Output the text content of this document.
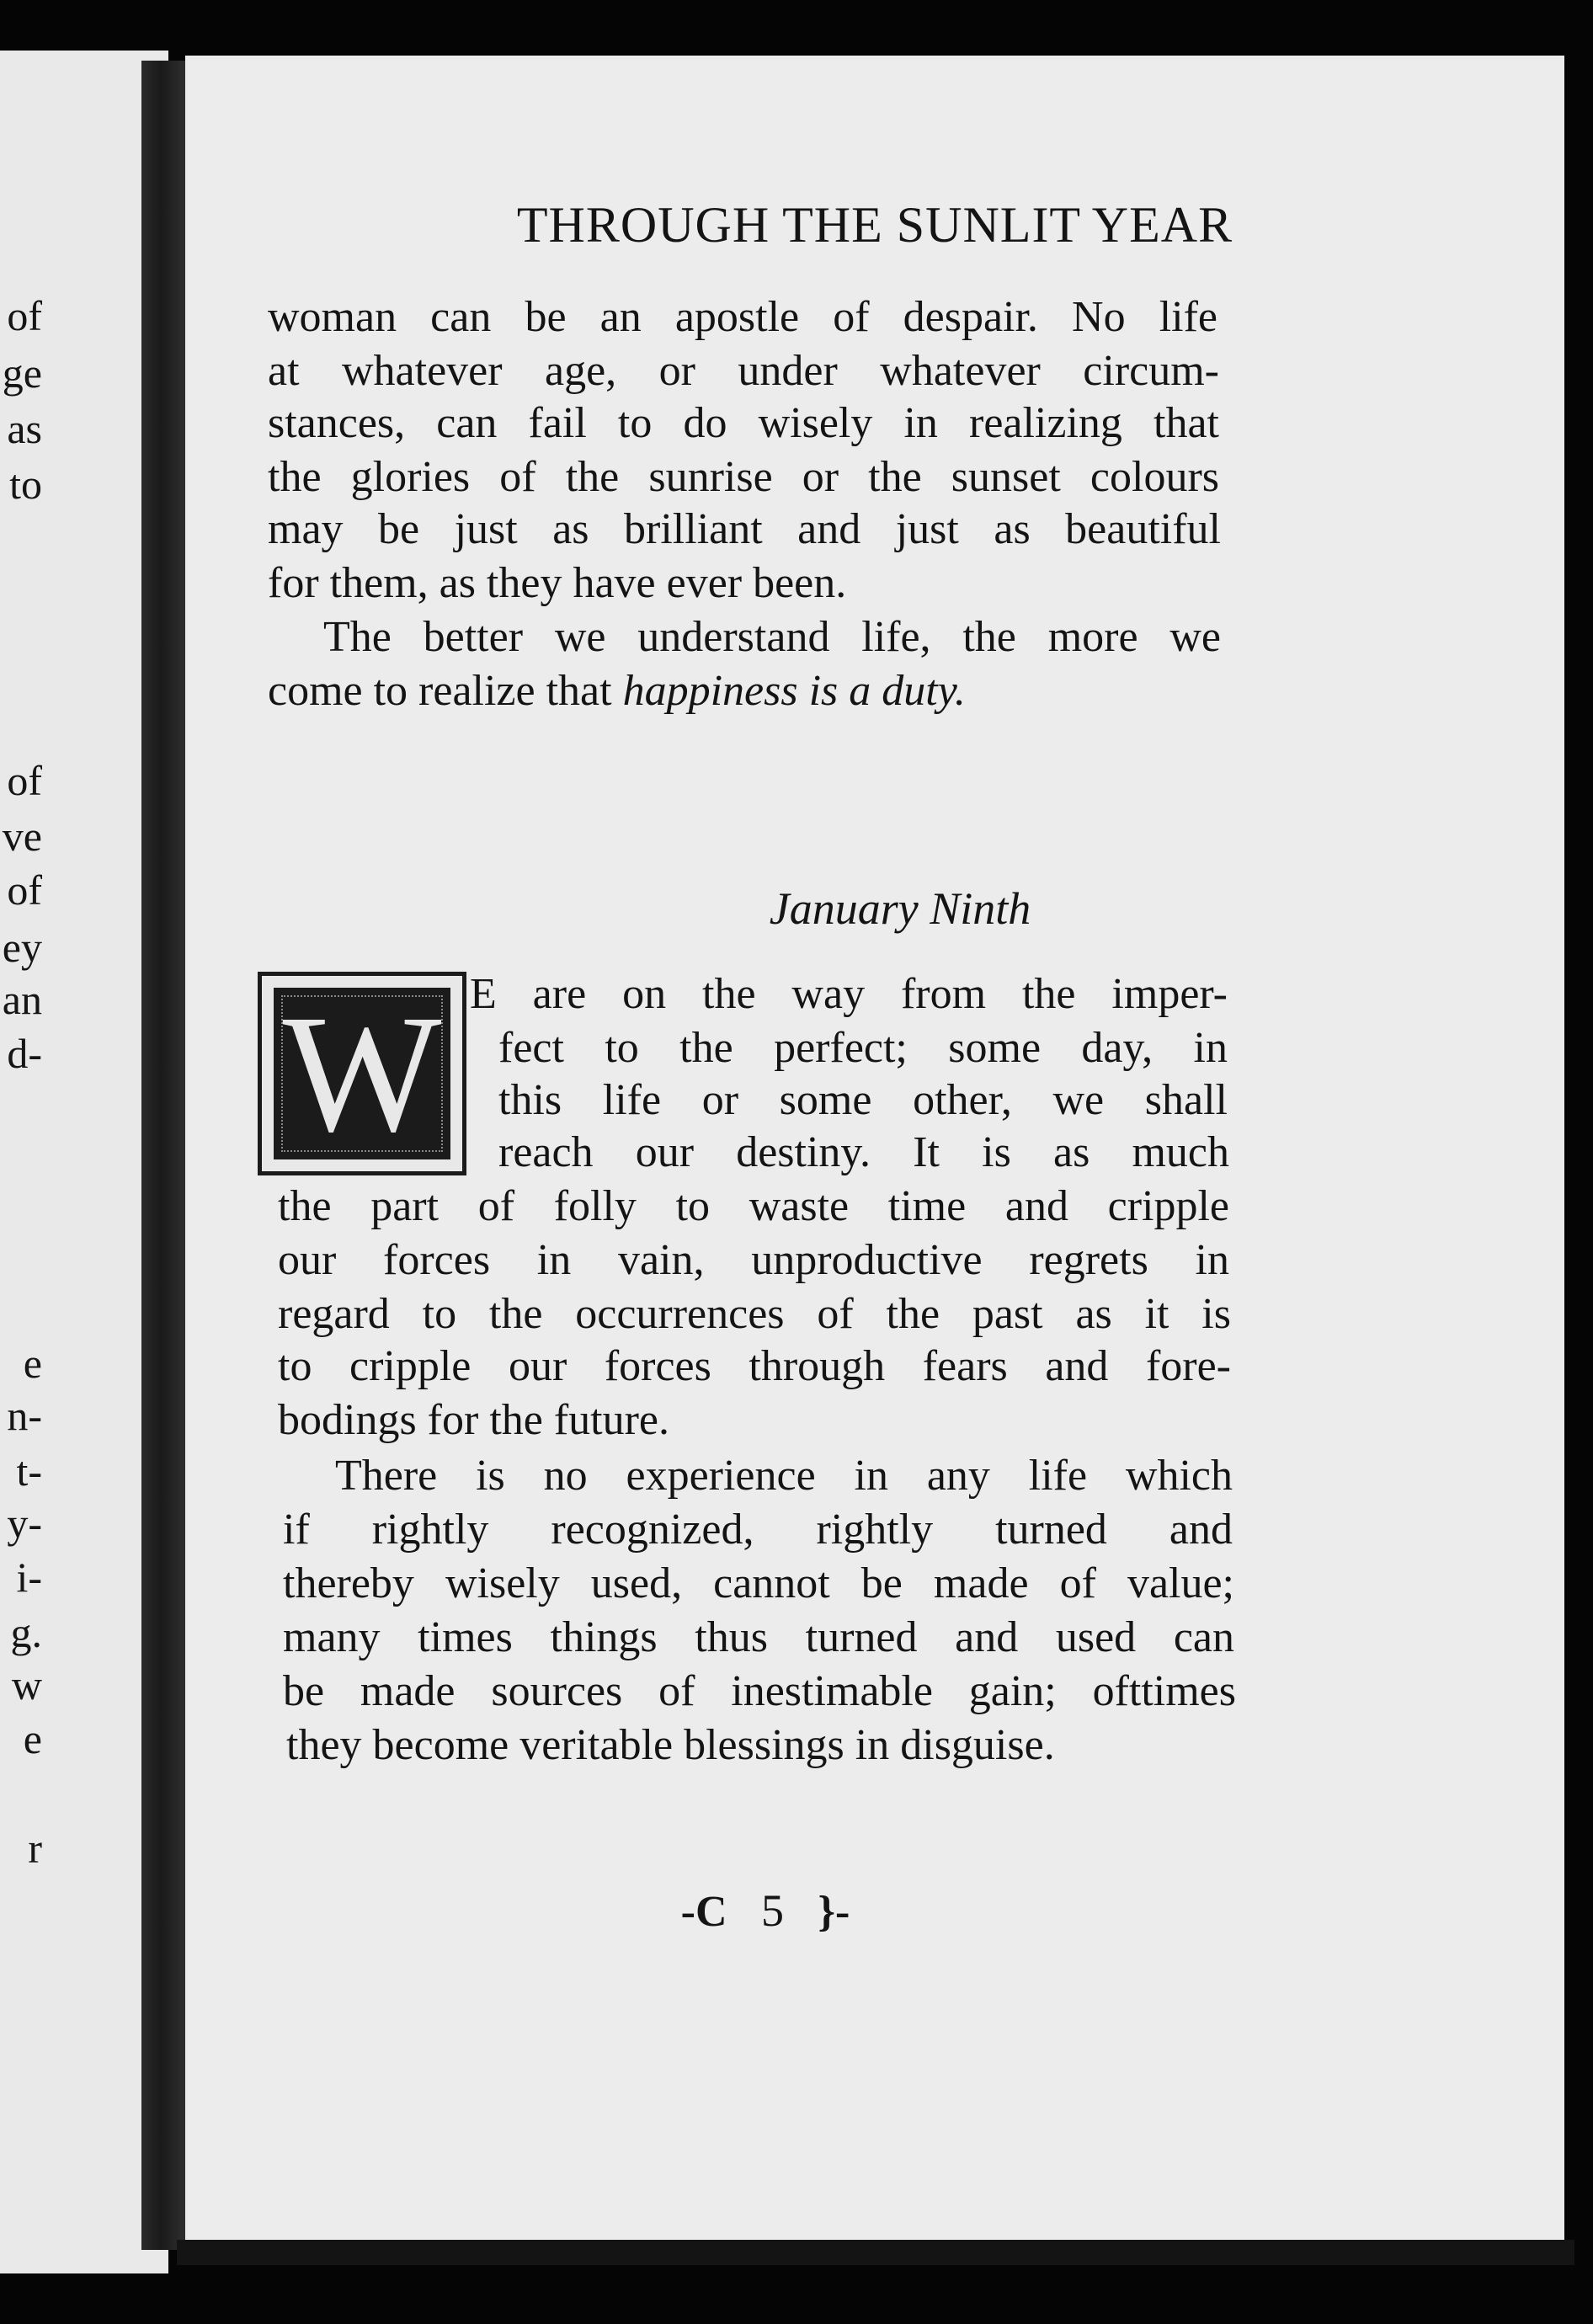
of
ge
as
to
of
ve
of
ey
an
d-
e
n-
t-
y-
i-
g.
w
e
r
THROUGH THE SUNLIT YEAR
woman can be an apostle of despair. No life
at whatever age, or under whatever circum-
stances, can fail to do wisely in realizing that
the glories of the sunrise or the sunset colours
may be just as brilliant and just as beautiful
for them, as they have ever been.
The better we understand life, the more we
come to realize that happiness is a duty.
January Ninth
W E are on the way from the imper-
fect to the perfect; some day, in
this life or some other, we shall
reach our destiny. It is as much
the part of folly to waste time and cripple
our forces in vain, unproductive regrets in
regard to the occurrences of the past as it is
to cripple our forces through fears and fore-
bodings for the future.
There is no experience in any life which
if rightly recognized, rightly turned and
thereby wisely used, cannot be made of value;
many times things thus turned and used can
be made sources of inestimable gain; ofttimes
they become veritable blessings in disguise.
-C 5 }-
